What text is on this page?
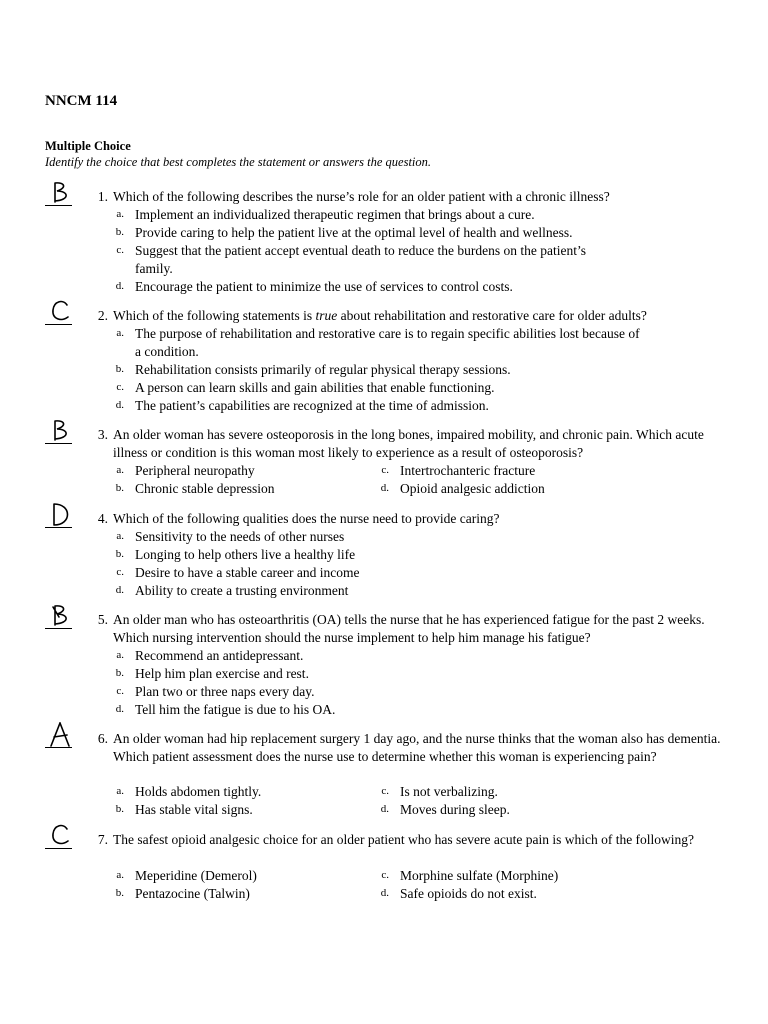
NNCM 114
Multiple Choice
Identify the choice that best completes the statement or answers the question.
1. Which of the following describes the nurse’s role for an older patient with a chronic illness?
a. Implement an individualized therapeutic regimen that brings about a cure.
b. Provide caring to help the patient live at the optimal level of health and wellness.
c. Suggest that the patient accept eventual death to reduce the burdens on the patient’s family.
d. Encourage the patient to minimize the use of services to control costs.
2. Which of the following statements is true about rehabilitation and restorative care for older adults?
a. The purpose of rehabilitation and restorative care is to regain specific abilities lost because of a condition.
b. Rehabilitation consists primarily of regular physical therapy sessions.
c. A person can learn skills and gain abilities that enable functioning.
d. The patient’s capabilities are recognized at the time of admission.
3. An older woman has severe osteoporosis in the long bones, impaired mobility, and chronic pain. Which acute illness or condition is this woman most likely to experience as a result of osteoporosis?
a. Peripheral neuropathy
b. Chronic stable depression
c. Intertrochanteric fracture
d. Opioid analgesic addiction
4. Which of the following qualities does the nurse need to provide caring?
a. Sensitivity to the needs of other nurses
b. Longing to help others live a healthy life
c. Desire to have a stable career and income
d. Ability to create a trusting environment
5. An older man who has osteoarthritis (OA) tells the nurse that he has experienced fatigue for the past 2 weeks. Which nursing intervention should the nurse implement to help him manage his fatigue?
a. Recommend an antidepressant.
b. Help him plan exercise and rest.
c. Plan two or three naps every day.
d. Tell him the fatigue is due to his OA.
6. An older woman had hip replacement surgery 1 day ago, and the nurse thinks that the woman also has dementia. Which patient assessment does the nurse use to determine whether this woman is experiencing pain?
a. Holds abdomen tightly.
b. Has stable vital signs.
c. Is not verbalizing.
d. Moves during sleep.
7. The safest opioid analgesic choice for an older patient who has severe acute pain is which of the following?
a. Meperidine (Demerol)
b. Pentazocine (Talwin)
c. Morphine sulfate (Morphine)
d. Safe opioids do not exist.
